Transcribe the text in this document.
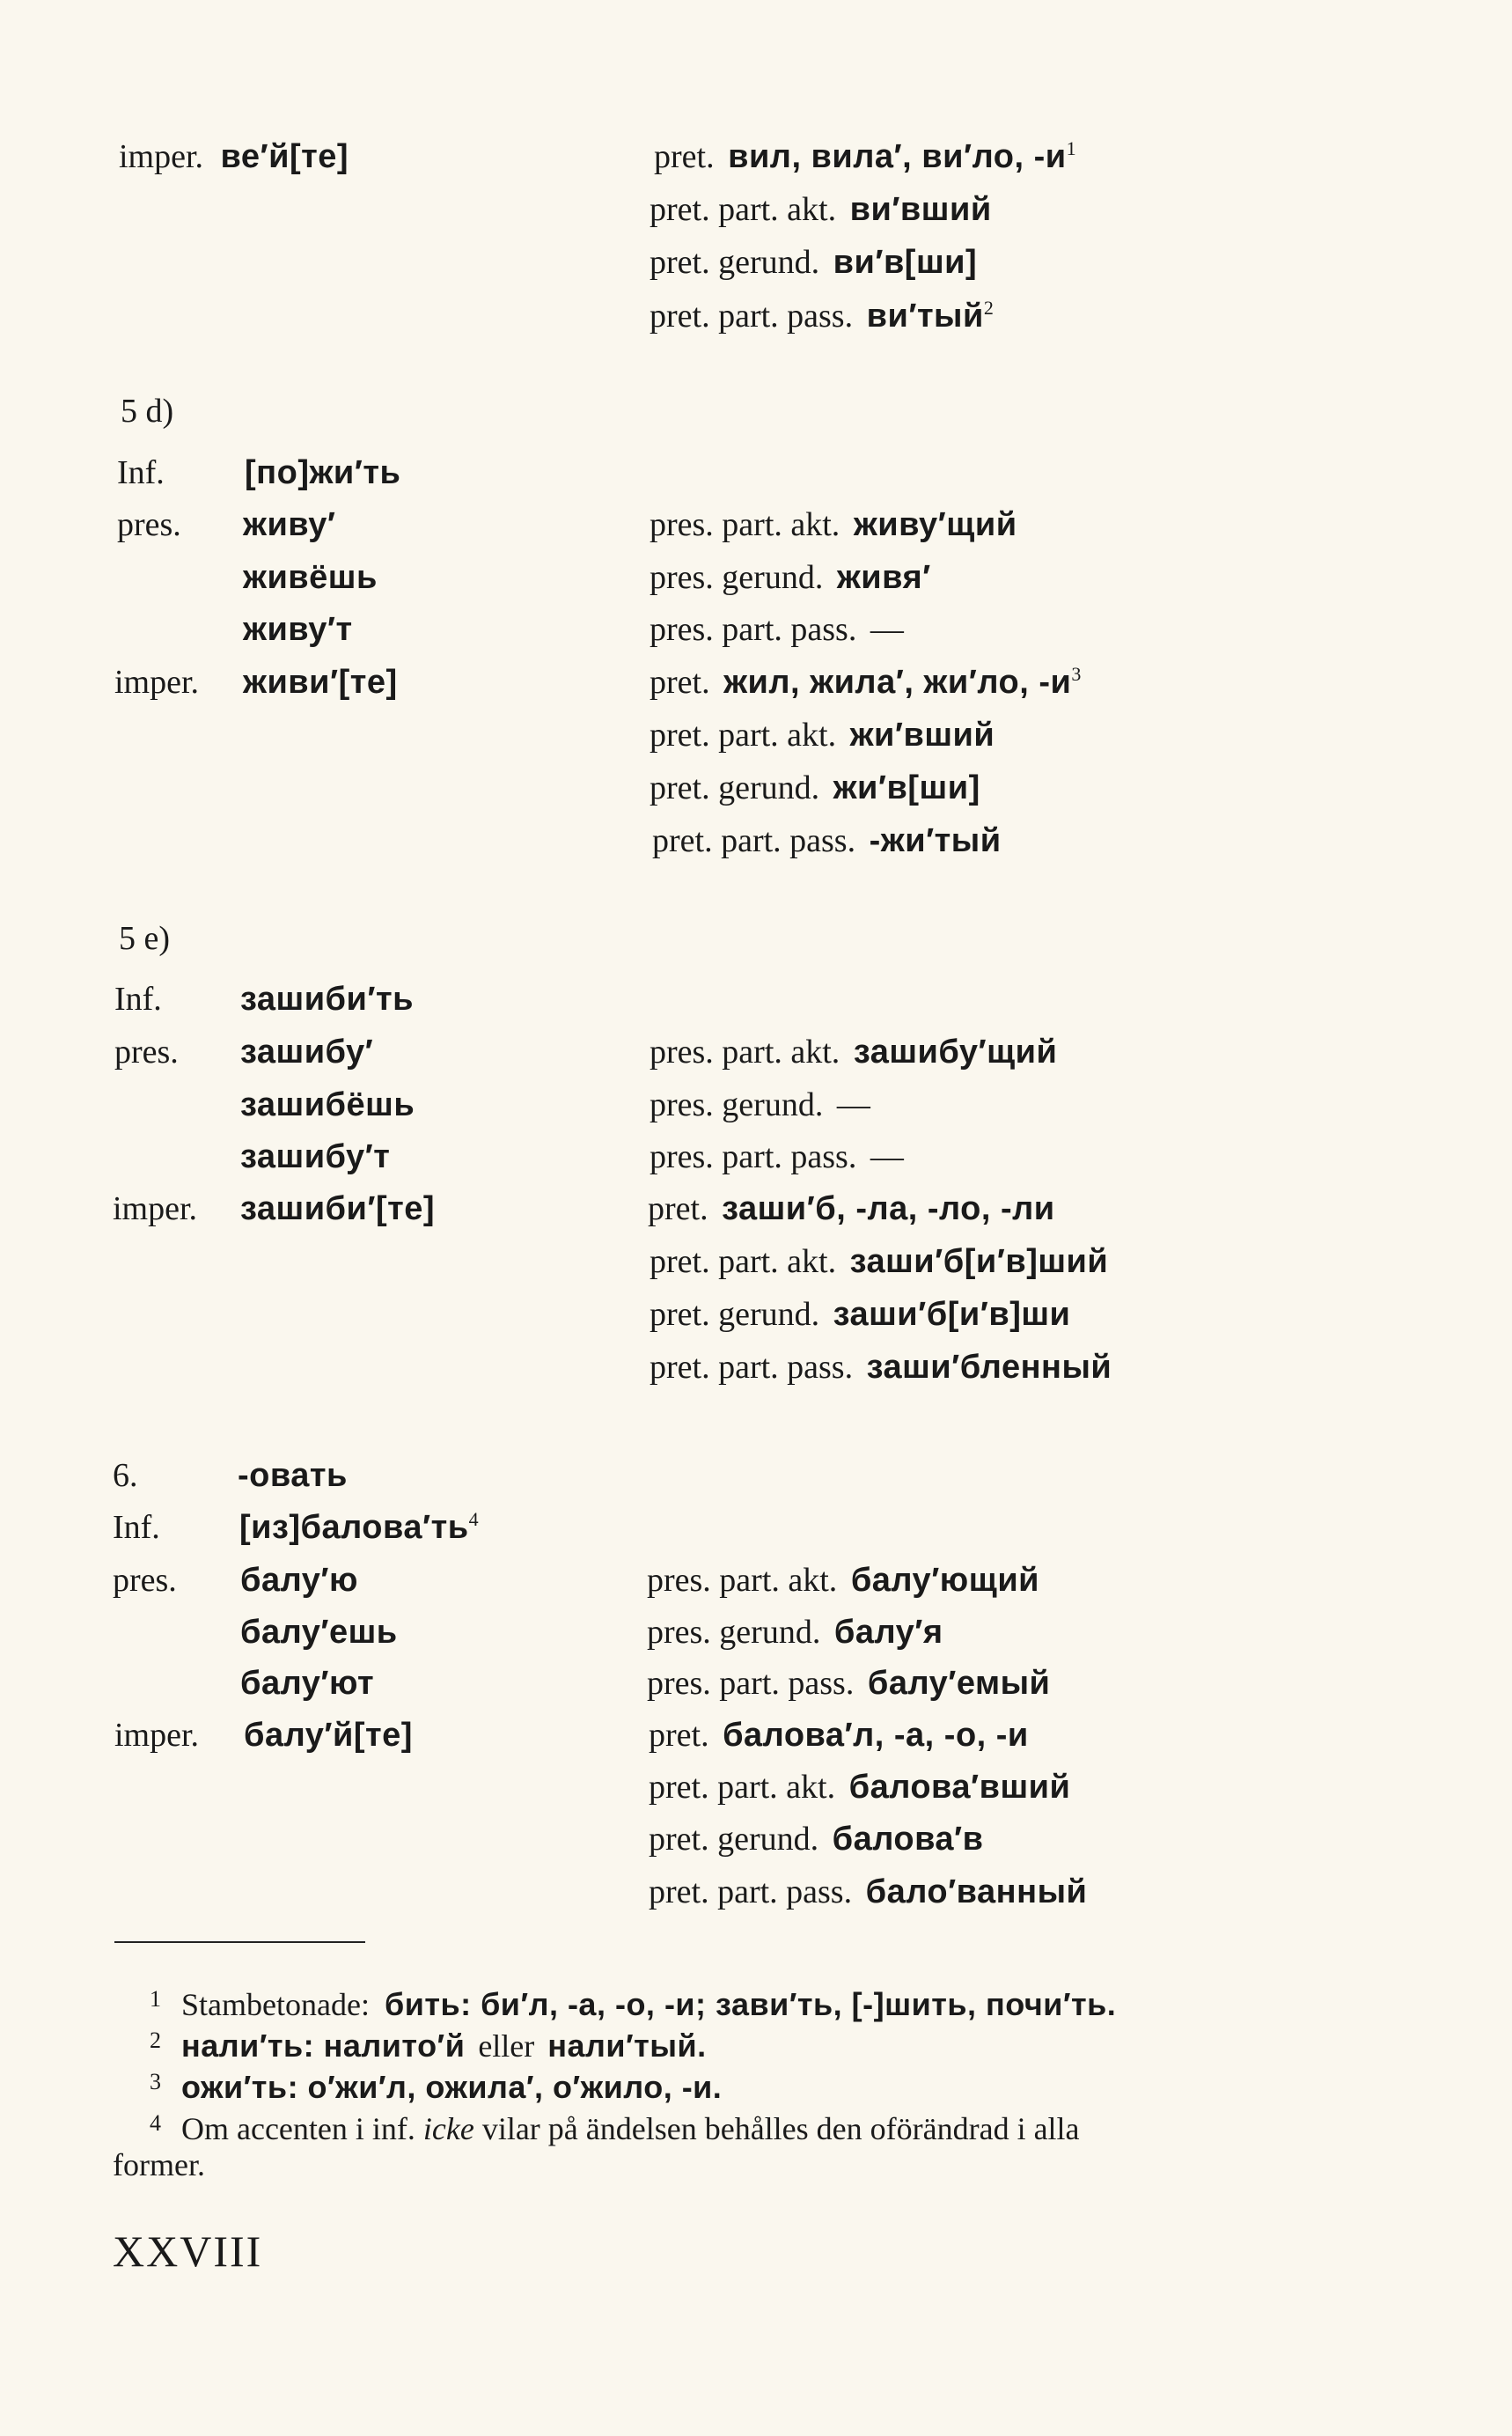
imper. ве′й[те]	pret. вил, вила′, ви′ло, $-и^1$
pret. part. akt. ви′вший
pret. gerund. ви′в[ши]
pret. part. pass. ви′тый$^2$
5 d)
Inf. [по]жи′ть
pres. живу′
живёшь
живу′т
imper. живи′[те]
pres. part. akt. живу′щий
pres. gerund. живя′
pres. part. pass. —
pret. жил, жила′, жи′ло, $-и^3$
pret. part. akt. жи′вший
pret. gerund. жи′в[ши]
pret. part. pass. -жи′тый
5 e)
Inf. зашиби′ть
pres. зашибу′
зашибёшь
зашибу′т
imper. зашиби′[те]
pres. part. akt. зашибу′щий
pres. gerund. —
pres. part. pass. —
pret. заши′б, -ла, -ло, -ли
pret. part. akt. заши′б[и′в]ший
pret. gerund. заши′б[и′в]ши
pret. part. pass. заши′бленный
6.	-овать
Inf. $[из]балова'ть^4$
pres. балу′ю
балу′ешь
балу′ют
imper. балу′й[те]
pres. part. akt. балу′ющий
pres. gerund. балу′я
pres. part. pass. балу′емый
pret. балова′л, -а, -о, -и
pret. part. akt. балова′вший
pret. gerund. балова′в
pret. part. pass. бало′ванный
$^1$ Stambetonade: бить: би′л, -а, -о, -и; зави′ть, [-]шить, почи′ть.
$^2$ нали′ть: налито′й eller нали′тый.
$^3$ ожи′ть: о′жи′л, ожила′, о′жило, -и.
$^4$ Om accenten i inf. icke vilar på ändelsen behålles den oförändrad i alla
former.
XXVIII
